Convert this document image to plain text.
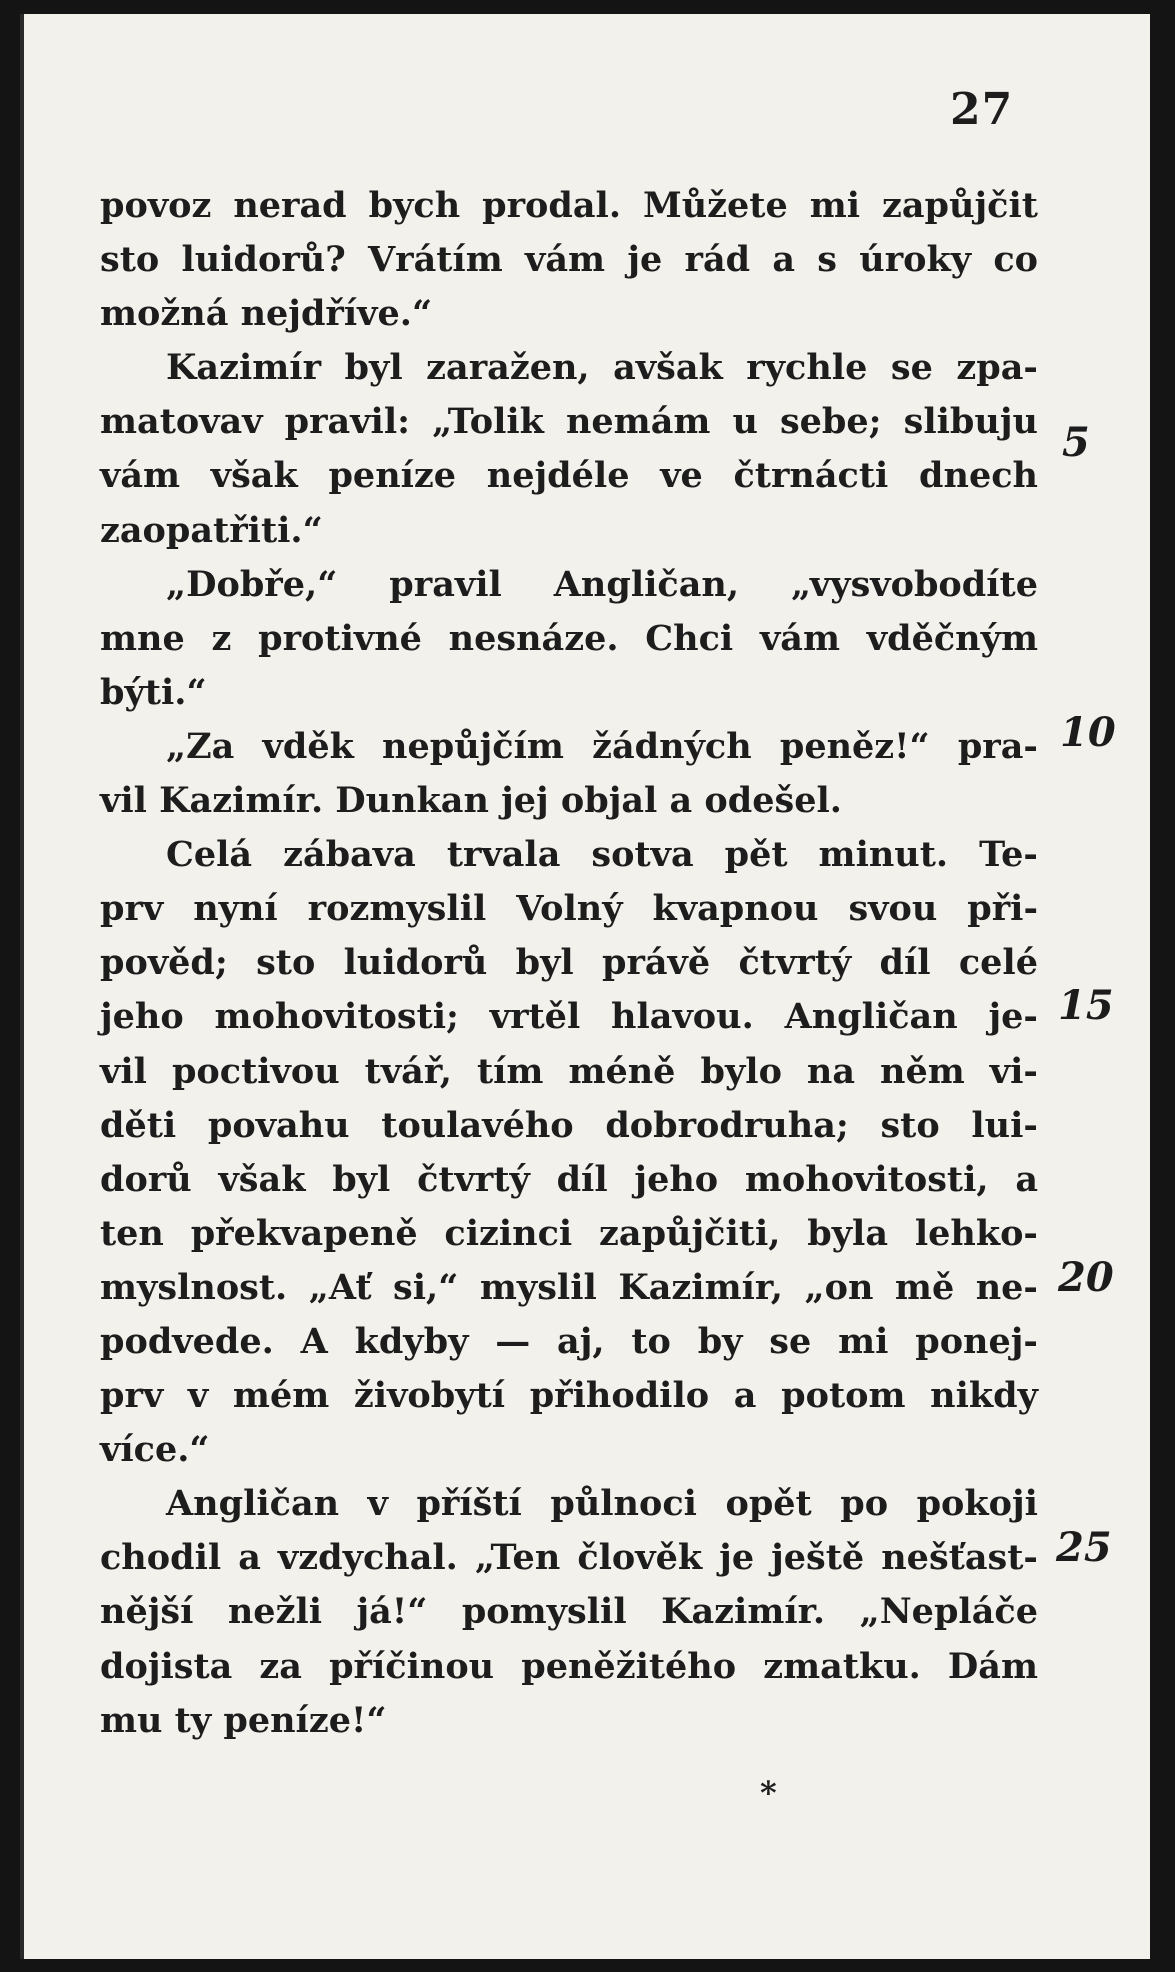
27
povoz nerad bych prodal. Můžete mi zapůjčit
sto luidorů? Vrátím vám je rád a s úroky co
možná nejdříve.“
Kazimír byl zaražen, avšak rychle se zpa-
matovav pravil: „Tolik nemám u sebe; slibuju
vám však peníze nejdéle ve čtrnácti dnech
zaopatřiti.“
„Dobře,“ pravil Angličan, „vysvobodíte
mne z protivné nesnáze. Chci vám vděčným
býti.“
„Za vděk nepůjčím žádných peněz!“ pra-
vil Kazimír. Dunkan jej objal a odešel.
Celá zábava trvala sotva pět minut. Te-
prv nyní rozmyslil Volný kvapnou svou při-
pověd; sto luidorů byl právě čtvrtý díl celé
jeho mohovitosti; vrtěl hlavou. Angličan je-
vil poctivou tvář, tím méně bylo na něm vi-
děti povahu toulavého dobrodruha; sto lui-
dorů však byl čtvrtý díl jeho mohovitosti, a
ten překvapeně cizinci zapůjčiti, byla lehko-
myslnost. „Ať si,“ myslil Kazimír, „on mě ne-
podvede. A kdyby — aj, to by se mi ponej-
prv v mém živobytí přihodilo a potom nikdy
více.“
Angličan v příští půlnoci opět po pokoji
chodil a vzdychal. „Ten člověk je ještě nešťast-
nější nežli já!“ pomyslil Kazimír. „Nepláče
dojista za příčinou peněžitého zmatku. Dám
mu ty peníze!“
5
10
15
20
25
*
